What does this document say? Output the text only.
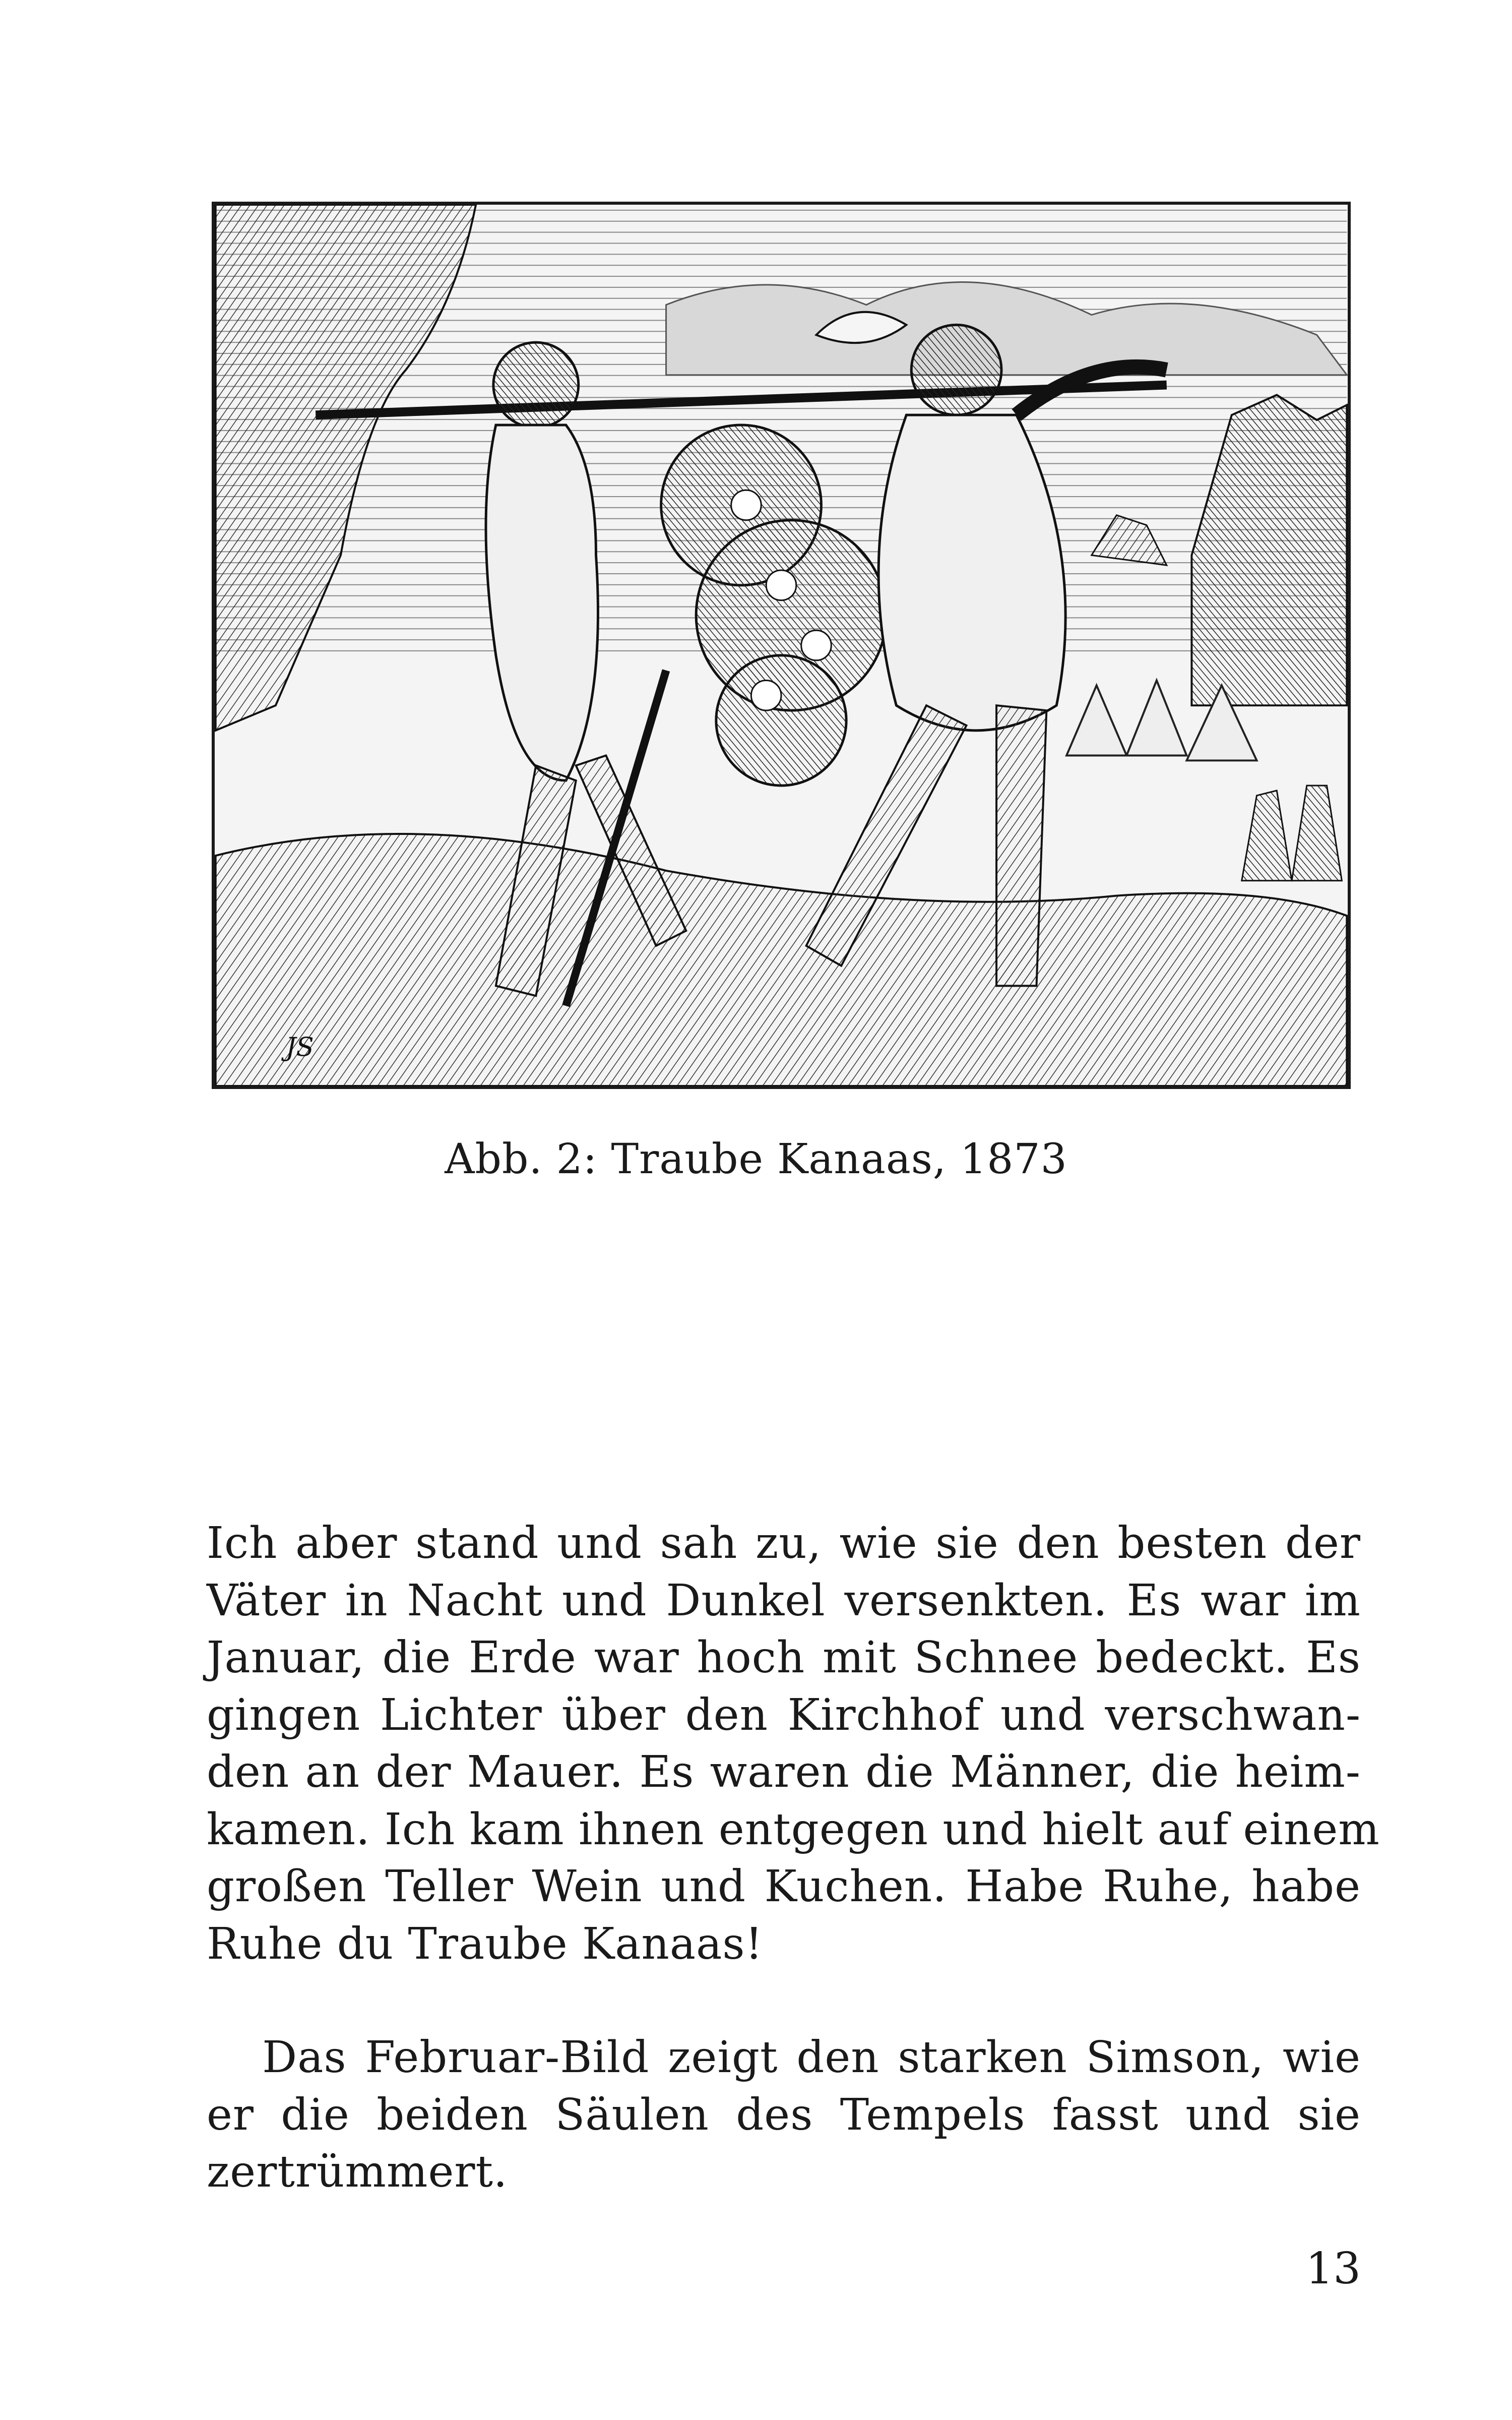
JS
Abb. 2: Traube Kanaas, 1873
Ich aber stand und sah zu, wie sie den besten der
Väter in Nacht und Dunkel versenkten. Es war im
Januar, die Erde war hoch mit Schnee bedeckt. Es
gingen Lichter über den Kirchhof und verschwan-
den an der Mauer. Es waren die Männer, die heim-
kamen. Ich kam ihnen entgegen und hielt auf einem
großen Teller Wein und Kuchen. Habe Ruhe, habe
Ruhe du Traube Kanaas!
Das Februar-Bild zeigt den starken Simson, wie
er die beiden Säulen des Tempels fasst und sie
zertrümmert.
13
